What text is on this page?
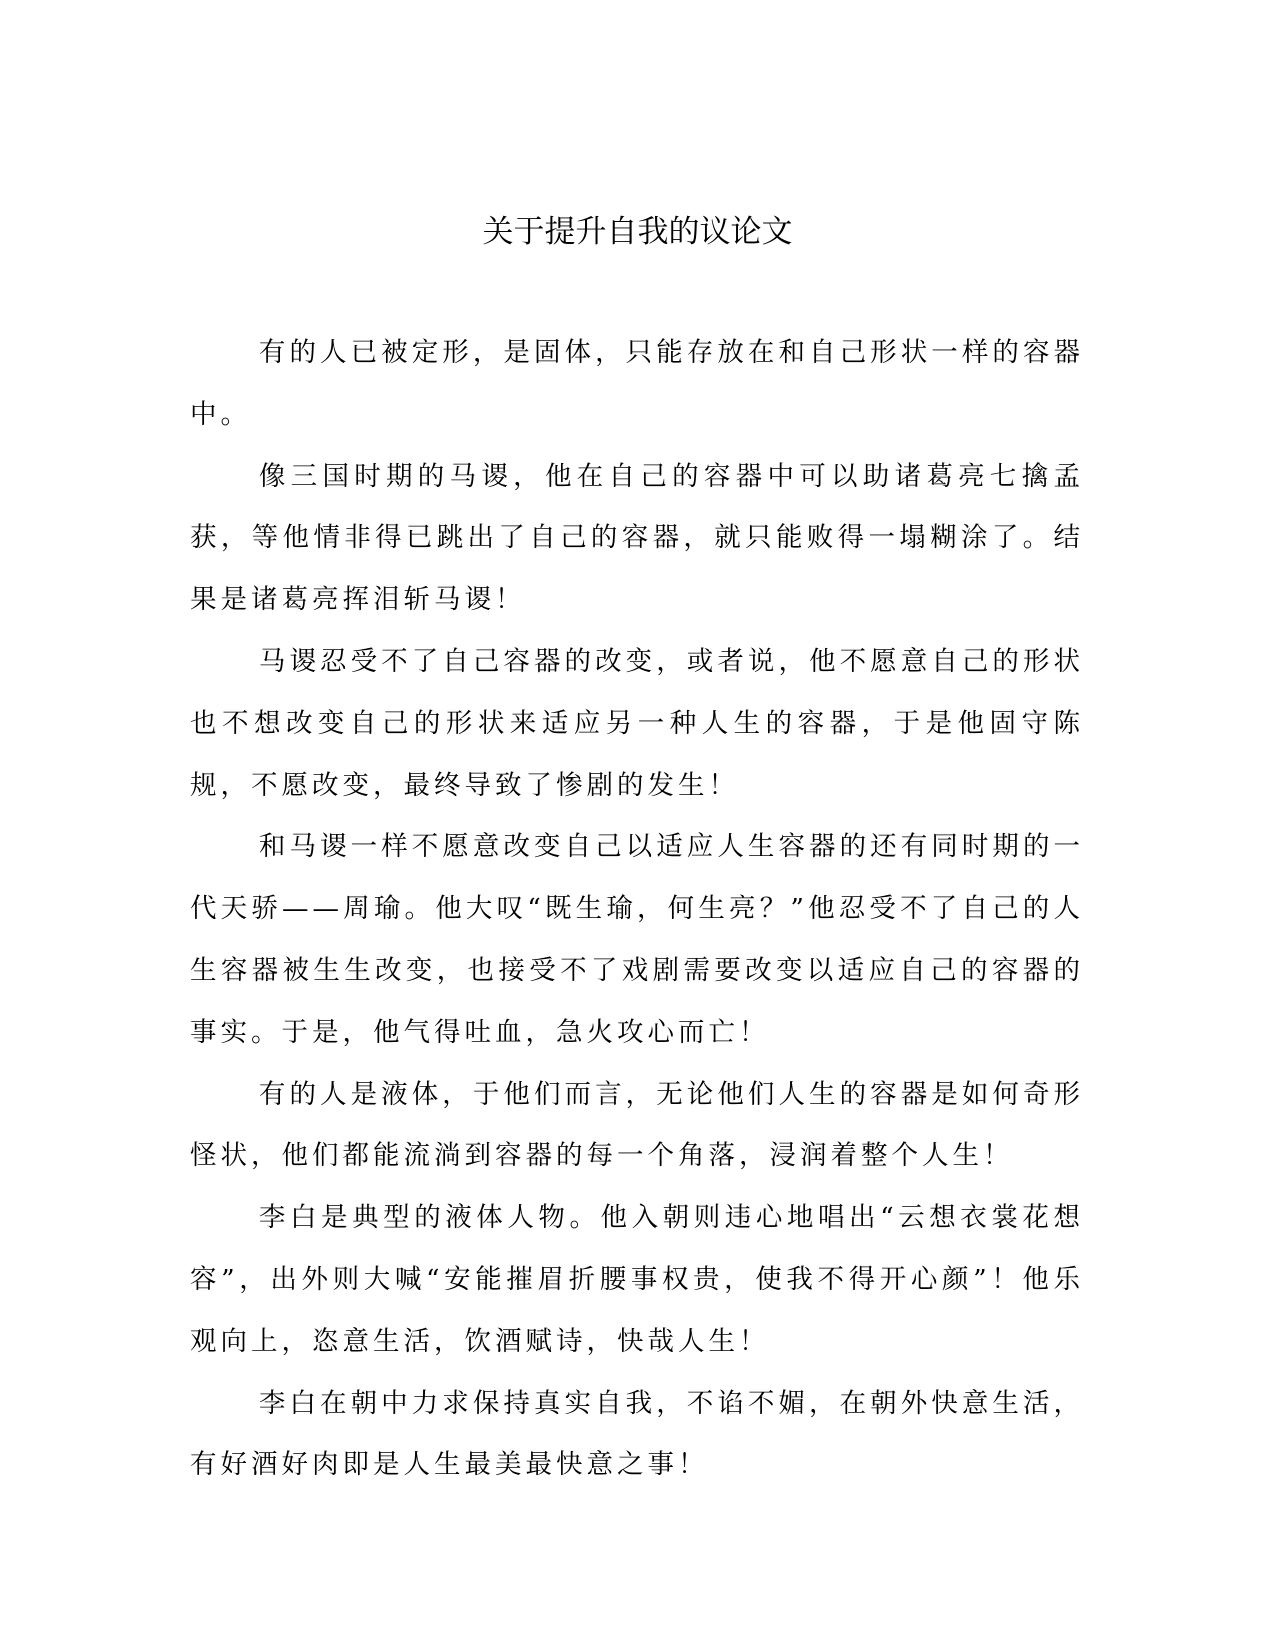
关于提升自我的议论文

有的人已被定形，是固体，只能存放在和自己形状一样的容器中。

像三国时期的马谡，他在自己的容器中可以助诸葛亮七擒孟获，等他情非得已跳出了自己的容器，就只能败得一塌糊涂了。结果是诸葛亮挥泪斩马谡！

马谡忍受不了自己容器的改变，或者说，他不愿意自己的形状也不想改变自己的形状来适应另一种人生的容器，于是他固守陈规，不愿改变，最终导致了惨剧的发生！

和马谡一样不愿意改变自己以适应人生容器的还有同时期的一代天骄——周瑜。他大叹“既生瑜，何生亮？”他忍受不了自己的人生容器被生生改变，也接受不了戏剧需要改变以适应自己的容器的事实。于是，他气得吐血，急火攻心而亡！

有的人是液体，于他们而言，无论他们人生的容器是如何奇形怪状，他们都能流淌到容器的每一个角落，浸润着整个人生！

李白是典型的液体人物。他入朝则违心地唱出“云想衣裳花想容”，出外则大喊“安能摧眉折腰事权贵，使我不得开心颜”！他乐观向上，恣意生活，饮酒赋诗，快哉人生！

李白在朝中力求保持真实自我，不谄不媚，在朝外快意生活，有好酒好肉即是人生最美最快意之事！
